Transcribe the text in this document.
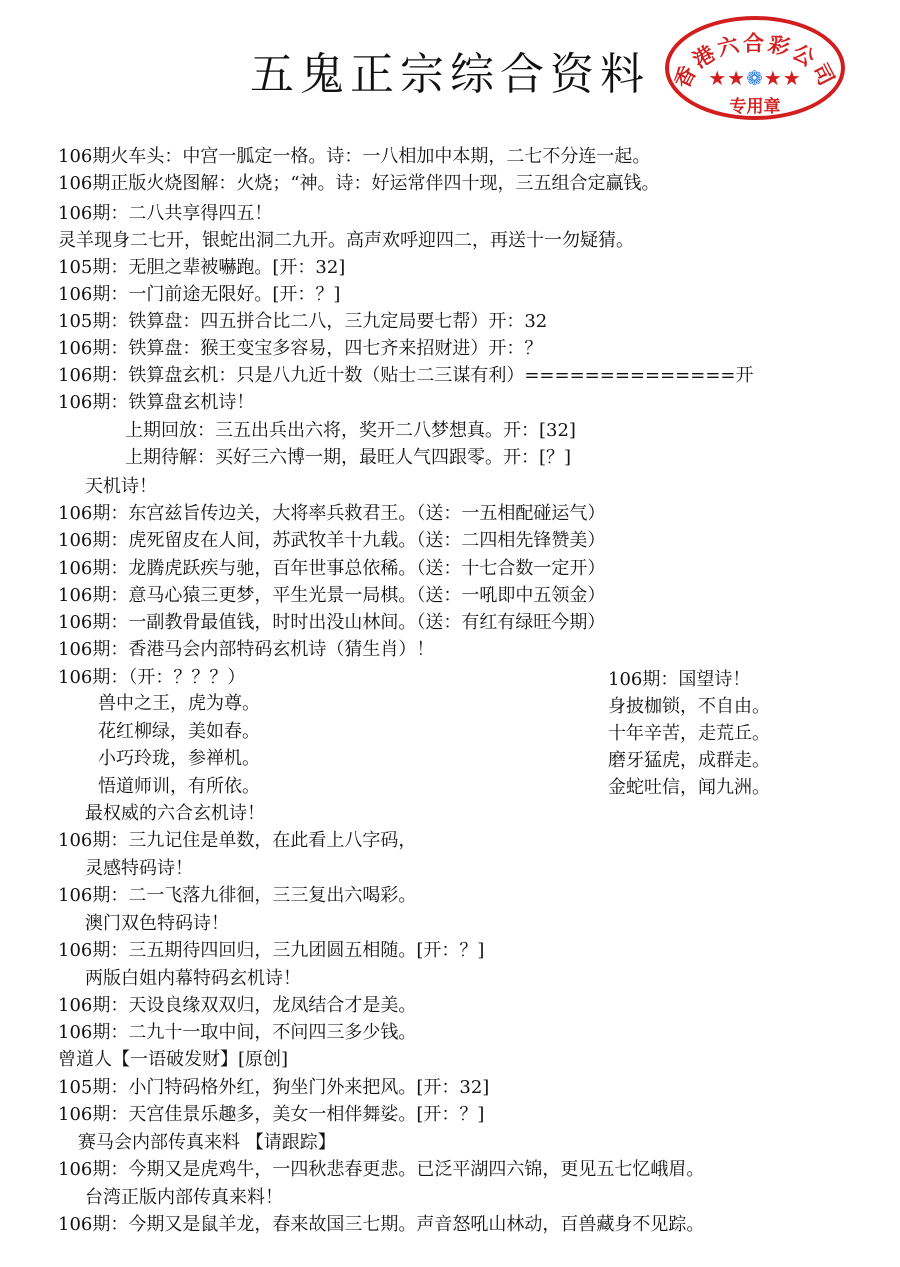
五鬼正宗综合资料 香港六合彩公司
★★❁★★
专用章
106期火车头：中宫一胍定一格。诗：一八相加中本期，二七不分连一起。
106期正版火烧图解：火烧；“神。诗：好运常伴四十现，三五组合定赢钱。
106期：二八共享得四五！
灵羊现身二七开，银蛇出洞二九开。高声欢呼迎四二，再送十一勿疑猜。
105期：无胆之辈被嚇跑。[开：32]
106期：一门前途无限好。[开：？]
105期：铁算盘：四五拼合比二八，三九定局要七帮）开：32
106期：铁算盘：猴王变宝多容易，四七齐来招财进）开：？
106期：铁算盘玄机：只是八九近十数（贴士二三谋有利）==============开
106期：铁算盘玄机诗！
上期回放：三五出兵出六将，奖开二八梦想真。开：[32]
上期待解：买好三六博一期，最旺人气四跟零。开：[？]
天机诗！
106期：东宫兹旨传边关，大将率兵救君王。（送：一五相配碰运气）
106期：虎死留皮在人间，苏武牧羊十九载。（送：二四相先锋赞美）
106期：龙腾虎跃疾与驰，百年世事总依稀。（送：十七合数一定开）
106期：意马心猿三更梦，平生光景一局棋。（送：一吼即中五领金）
106期：一副教骨最值钱，时时出没山林间。（送：有红有绿旺今期）
106期：香港马会内部特码玄机诗（猜生肖）！
106期：（开：？？？）
兽中之王，虎为尊。
花红柳绿，美如春。
小巧玲珑，参禅机。
悟道师训，有所依。
最权威的六合玄机诗！
106期：三九记住是单数，在此看上八字码，
灵感特码诗！
106期：二一飞落九徘徊，三三复出六喝彩。
澳门双色特码诗！
106期：三五期待四回归，三九团圆五相随。[开：？]
两版白姐内幕特码玄机诗！
106期：天设良缘双双归，龙凤结合才是美。
106期：二九十一取中间，不问四三多少钱。
曾道人【一语破发财】[原创]
105期：小门特码格外红，狗坐门外来把风。[开：32]
106期：天宫佳景乐趣多，美女一相伴舞娑。[开：？]
赛马会内部传真来料 【请跟踪】
106期：今期又是虎鸡牛，一四秋悲春更悲。已泛平湖四六锦，更见五七忆峨眉。
台湾正版内部传真来料！
106期：今期又是鼠羊龙，春来故国三七期。声音怒吼山林动，百兽藏身不见踪。
106期：国望诗！
身披枷锁，不自由。
十年辛苦，走荒丘。
磨牙猛虎，成群走。
金蛇吐信，闻九洲。
